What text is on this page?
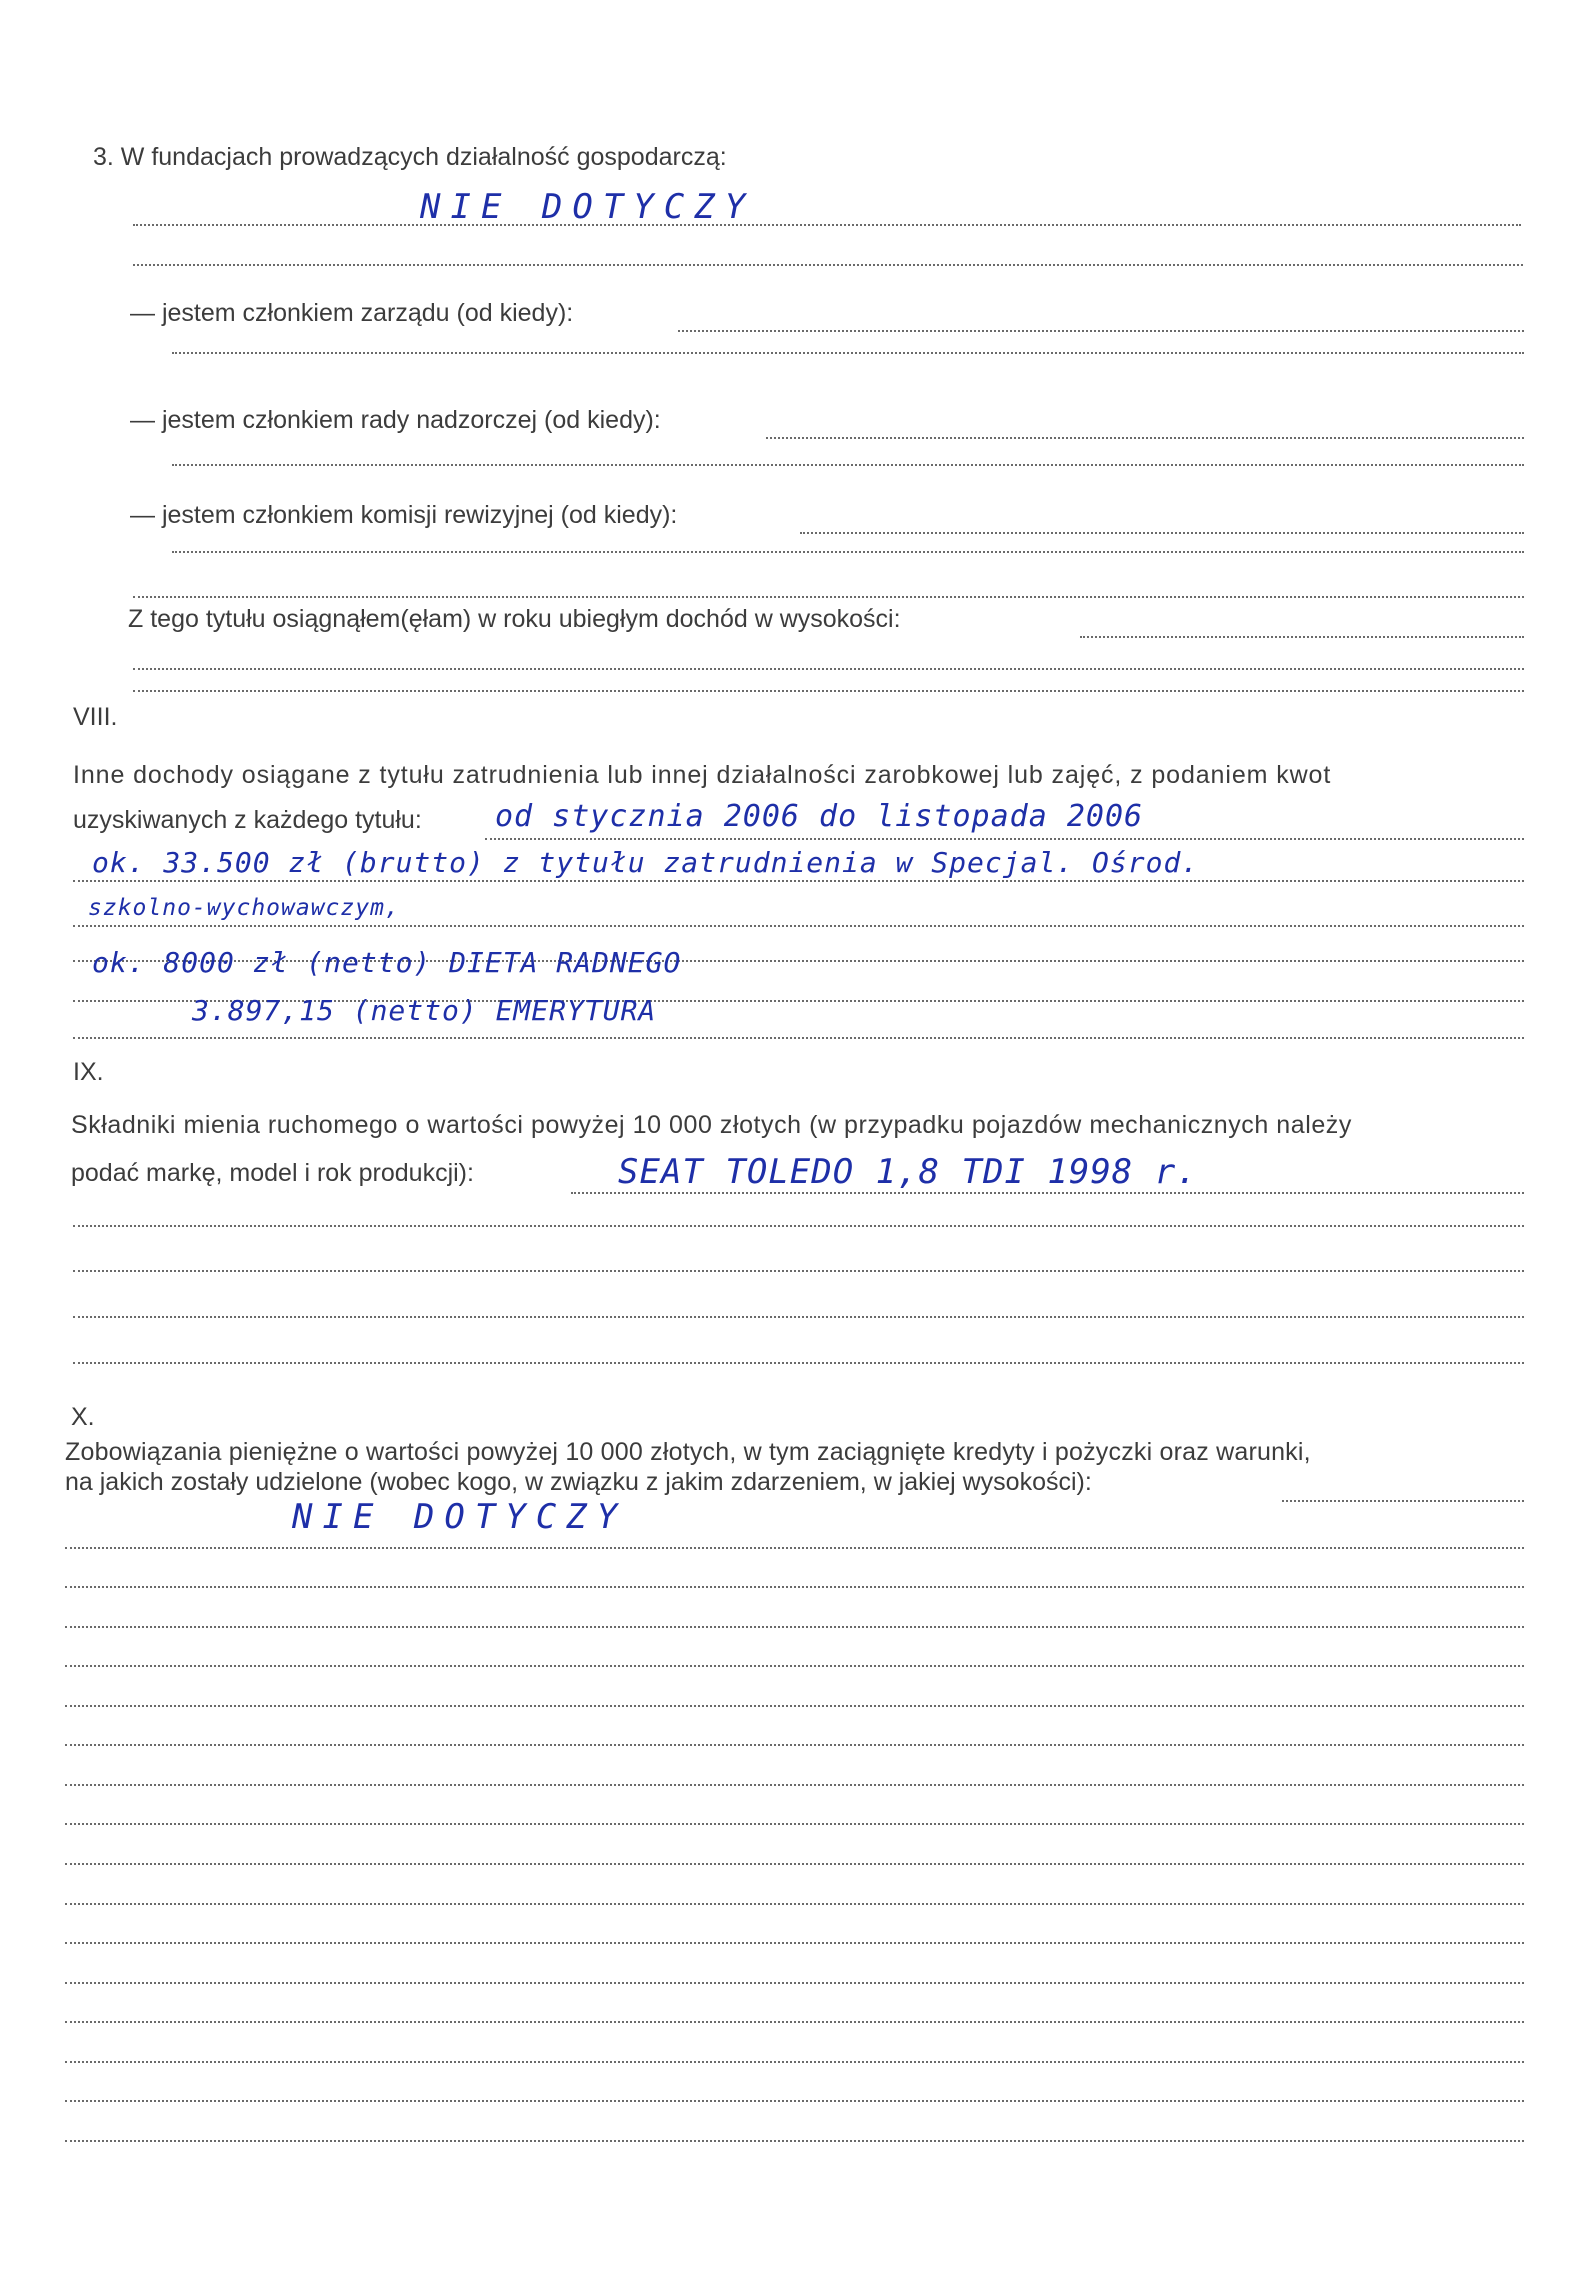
3. W fundacjach prowadzących działalność gospodarczą:
NIE DOTYCZY
— jestem członkiem zarządu (od kiedy):
— jestem członkiem rady nadzorczej (od kiedy):
— jestem członkiem komisji rewizyjnej (od kiedy):
Z tego tytułu osiągnąłem(ęłam) w roku ubiegłym dochód w wysokości:
VIII.
Inne dochody osiągane z tytułu zatrudnienia lub innej działalności zarobkowej lub zajęć, z podaniem kwot
uzyskiwanych z każdego tytułu: od stycznia 2006 do listopada 2006
ok. 33.500 zł (brutto) z tytułu zatrudnienia w Specjal. Ośrod.
szkolno-wychowawczym,
ok. 8000 zł (netto) DIETA RADNEGO
3.897,15 (netto) EMERYTURA
IX.
Składniki mienia ruchomego o wartości powyżej 10 000 złotych (w przypadku pojazdów mechanicznych należy
podać markę, model i rok produkcji):	SEAT TOLEDO 1,8 TDI 1998 r.
X.
Zobowiązania pieniężne o wartości powyżej 10 000 złotych, w tym zaciągnięte kredyty i pożyczki oraz warunki,
na jakich zostały udzielone (wobec kogo, w związku z jakim zdarzeniem, w jakiej wysokości):
NIE DOTYCZY
